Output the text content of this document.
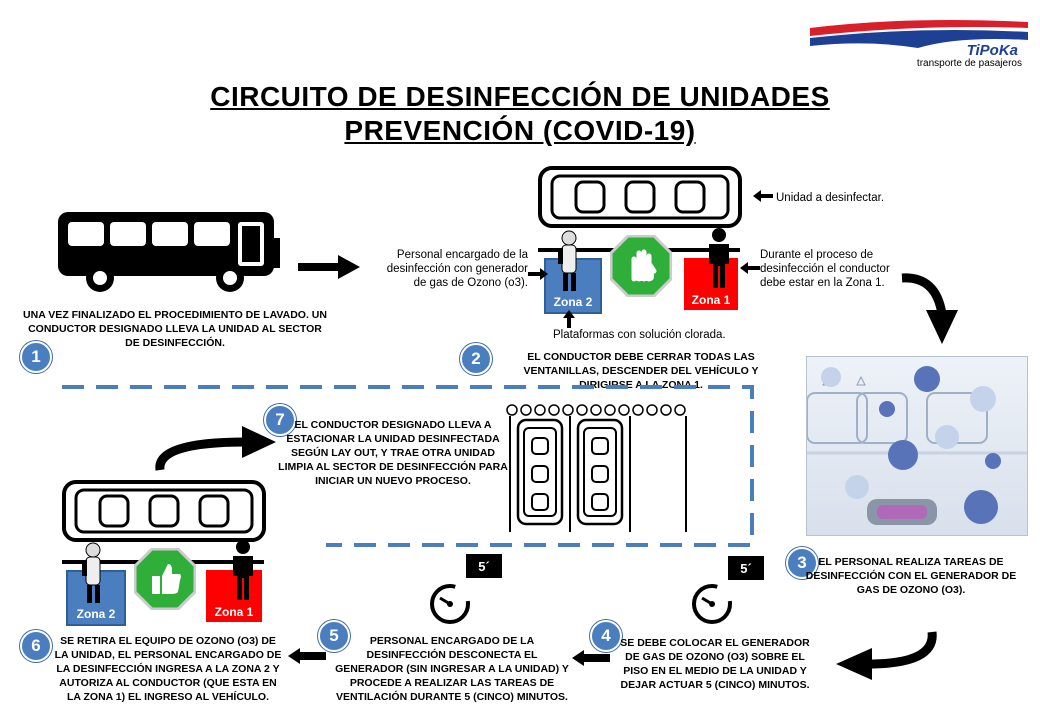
TiPoKa
transporte de pasajeros
CIRCUITO DE DESINFECCIÓN DE UNIDADES
PREVENCIÓN (COVID-19)
UNA VEZ FINALIZADO EL PROCEDIMIENTO DE LAVADO. UN CONDUCTOR DESIGNADO LLEVA LA UNIDAD AL SECTOR DE DESINFECCIÓN.
1
Unidad a desinfectar.
Zona 2	Zona 1
Personal encargado de la desinfección con generador de gas de Ozono (o3).
Durante el proceso de desinfección el conductor debe estar en la Zona 1.
Plataformas con solución clorada.
2	EL CONDUCTOR DEBE CERRAR TODAS LAS VENTANILLAS, DESCENDER DEL VEHÍCULO Y DIRIGIRSE A LA ZONA 1.
3	EL PERSONAL REALIZA TAREAS DE DESINFECCIÓN CON EL GENERADOR DE GAS DE OZONO (O3).
5´
4 SE DEBE COLOCAR EL GENERADOR DE GAS DE OZONO (O3) SOBRE EL PISO EN EL MEDIO DE LA UNIDAD Y DEJAR ACTUAR 5 (CINCO) MINUTOS.
5´
5	PERSONAL ENCARGADO DE LA DESINFECCIÓN DESCONECTA EL GENERADOR (SIN INGRESAR A LA UNIDAD) Y PROCEDE A REALIZAR LAS TAREAS DE VENTILACIÓN DURANTE 5 (CINCO) MINUTOS.
Zona 2	Zona 1
6	SE RETIRA EL EQUIPO DE OZONO (O3) DE LA UNIDAD, EL PERSONAL ENCARGADO DE LA DESINFECCIÓN INGRESA A LA ZONA 2 Y AUTORIZA AL CONDUCTOR (QUE ESTA EN LA ZONA 1) EL INGRESO AL VEHÍCULO.
7 EL CONDUCTOR DESIGNADO LLEVA A ESTACIONAR LA UNIDAD DESINFECTADA SEGÚN LAY OUT, Y TRAE OTRA UNIDAD LIMPIA AL SECTOR DE DESINFECCIÓN PARA INICIAR UN NUEVO PROCESO.
